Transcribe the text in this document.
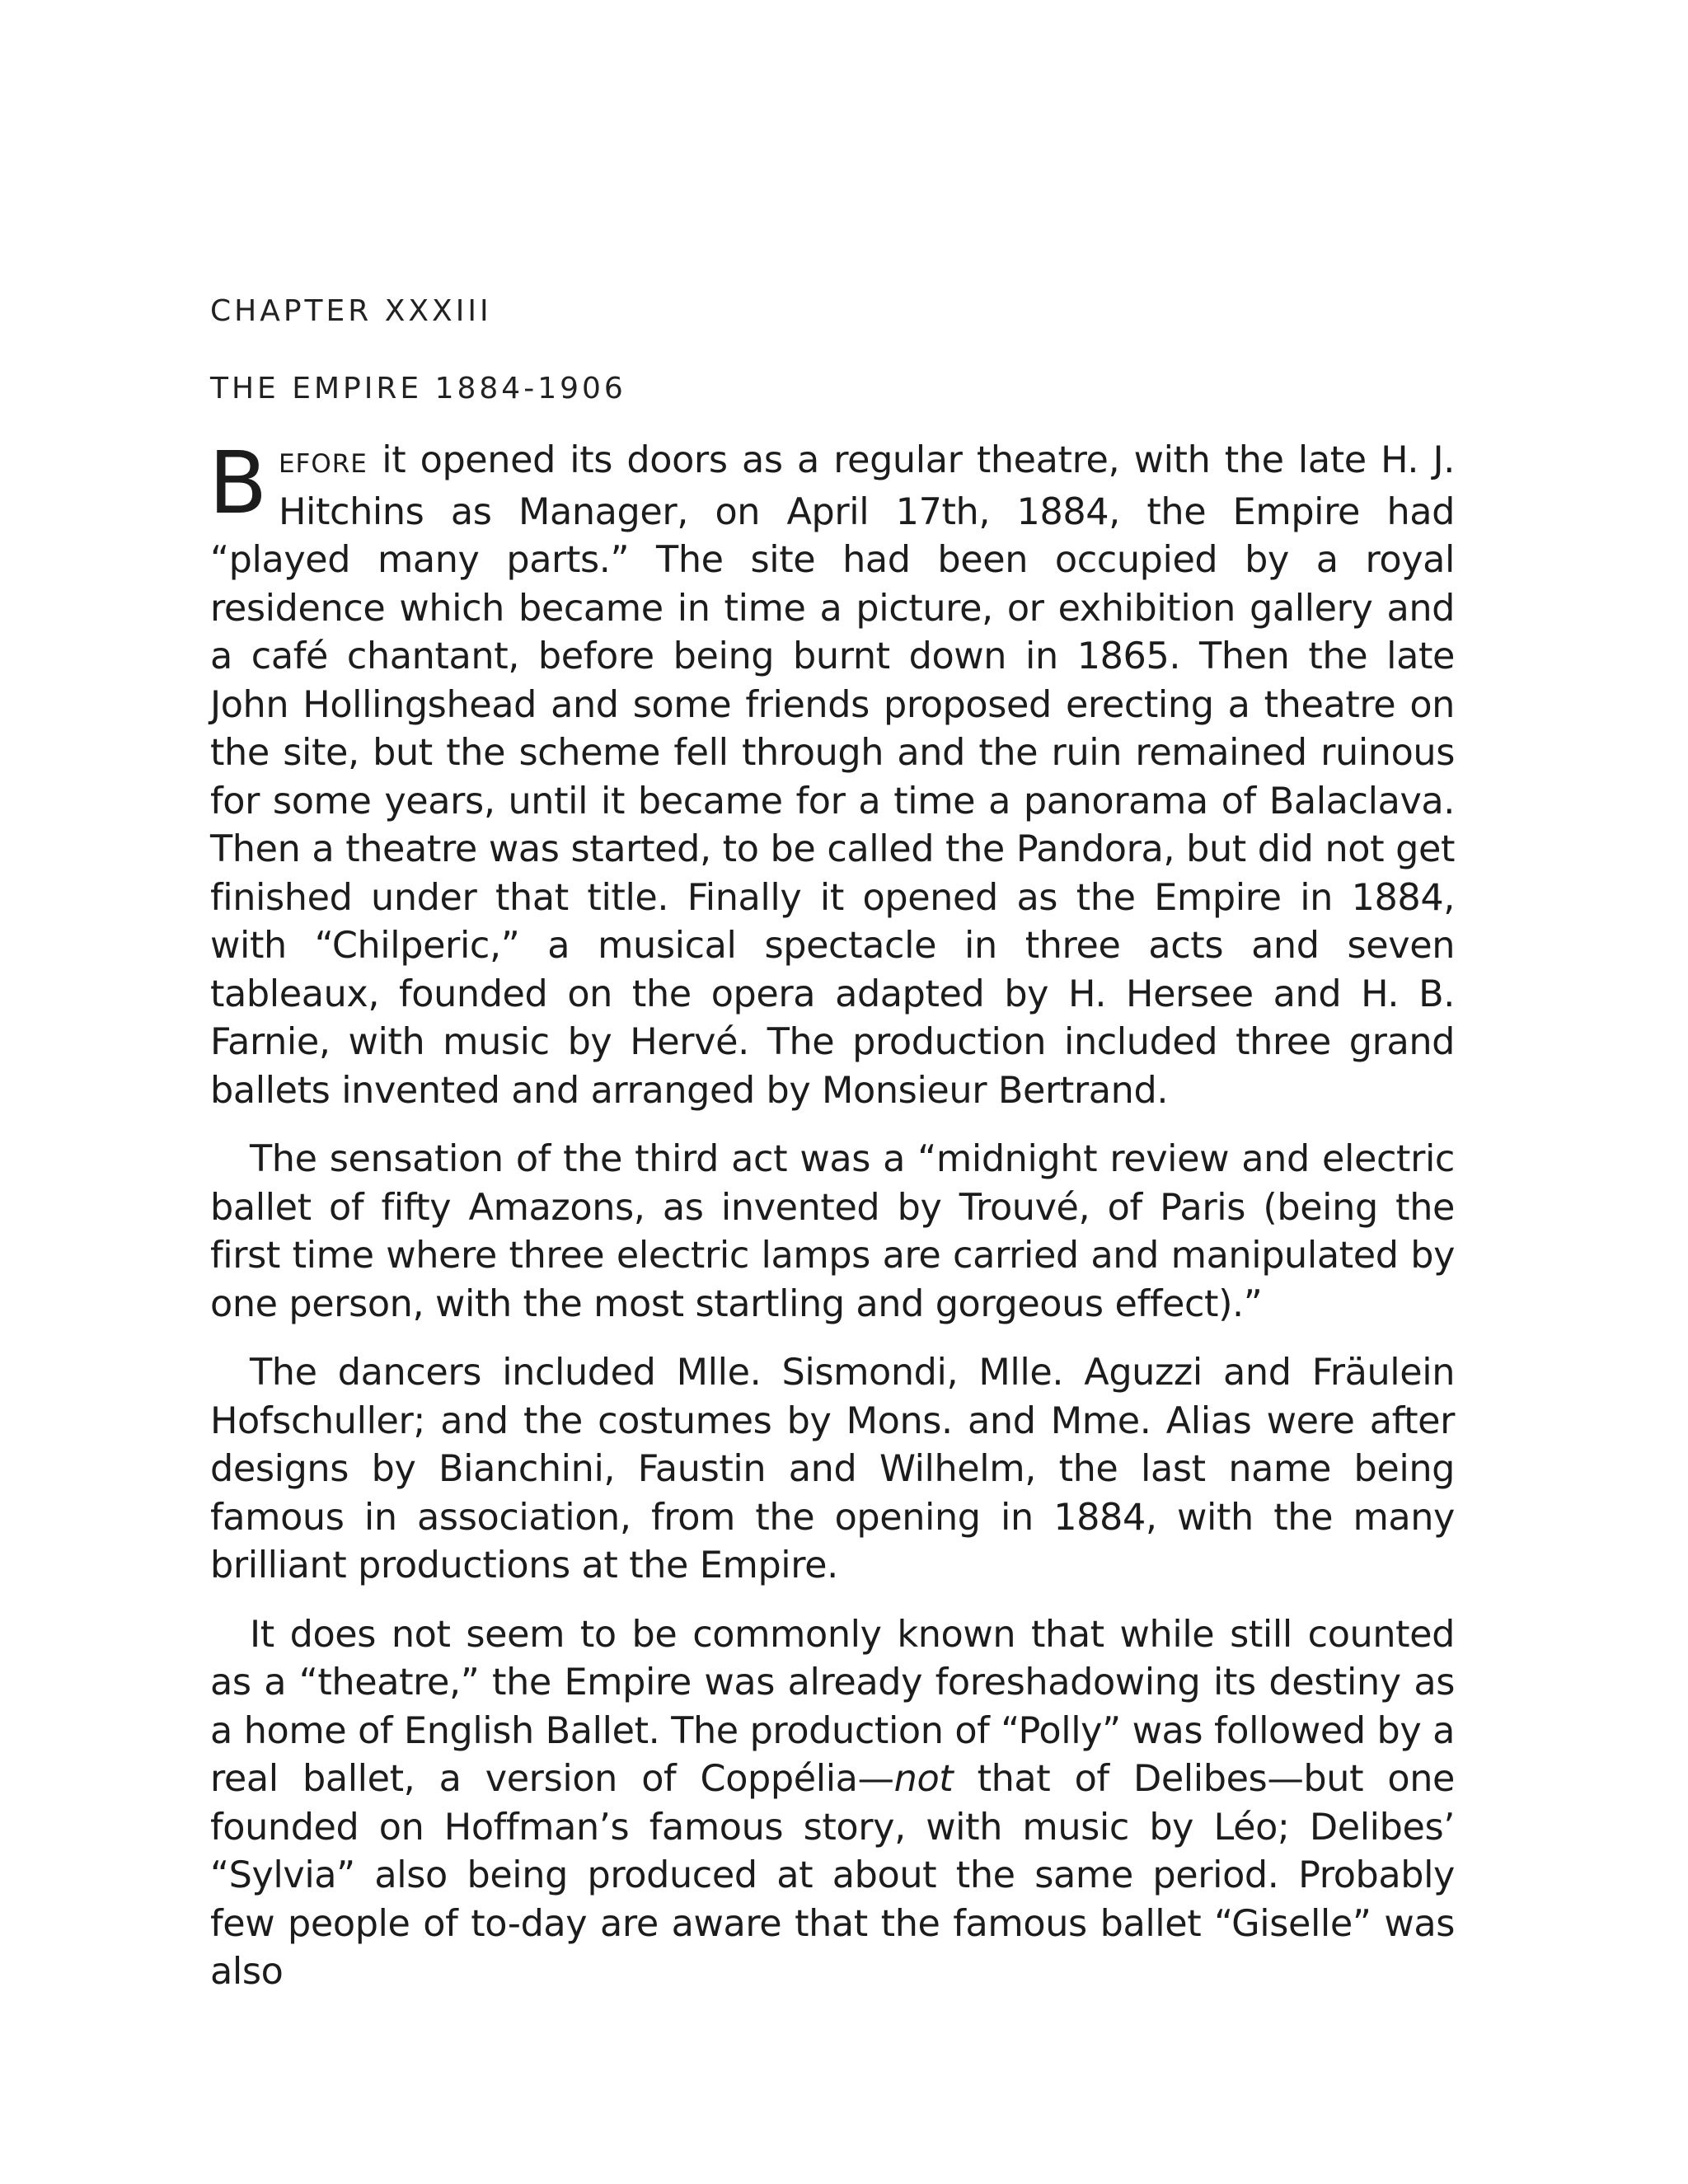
CHAPTER XXXIII
THE EMPIRE 1884-1906

BEFORE it opened its doors as a regular theatre, with the late H. J. Hitchins as Manager, on April 17th, 1884, the Empire had “played many parts.” The site had been occupied by a royal residence which became in time a picture, or exhibition gallery and a café chantant, before being burnt down in 1865. Then the late John Hollingshead and some friends proposed erecting a theatre on the site, but the scheme fell through and the ruin remained ruinous for some years, until it became for a time a panorama of Balaclava. Then a theatre was started, to be called the Pandora, but did not get finished under that title. Finally it opened as the Empire in 1884, with “Chilperic,” a musical spectacle in three acts and seven tableaux, founded on the opera adapted by H. Hersee and H. B. Farnie, with music by Hervé. The production included three grand ballets invented and arranged by Monsieur Bertrand.

The sensation of the third act was a “midnight review and electric ballet of fifty Amazons, as invented by Trouvé, of Paris (being the first time where three electric lamps are carried and manipulated by one person, with the most startling and gorgeous effect).”

The dancers included Mlle. Sismondi, Mlle. Aguzzi and Fräulein Hofschuller; and the costumes by Mons. and Mme. Alias were after designs by Bianchini, Faustin and Wilhelm, the last name being famous in association, from the opening in 1884, with the many brilliant productions at the Empire.

It does not seem to be commonly known that while still counted as a “theatre,” the Empire was already foreshadowing its destiny as a home of English Ballet. The production of “Polly” was followed by a real ballet, a version of Coppélia—not that of Delibes—but one founded on Hoffman’s famous story, with music by Léo; Delibes’ “Sylvia” also being produced at about the same period. Probably few people of to-day are aware that the famous ballet “Giselle” was also
